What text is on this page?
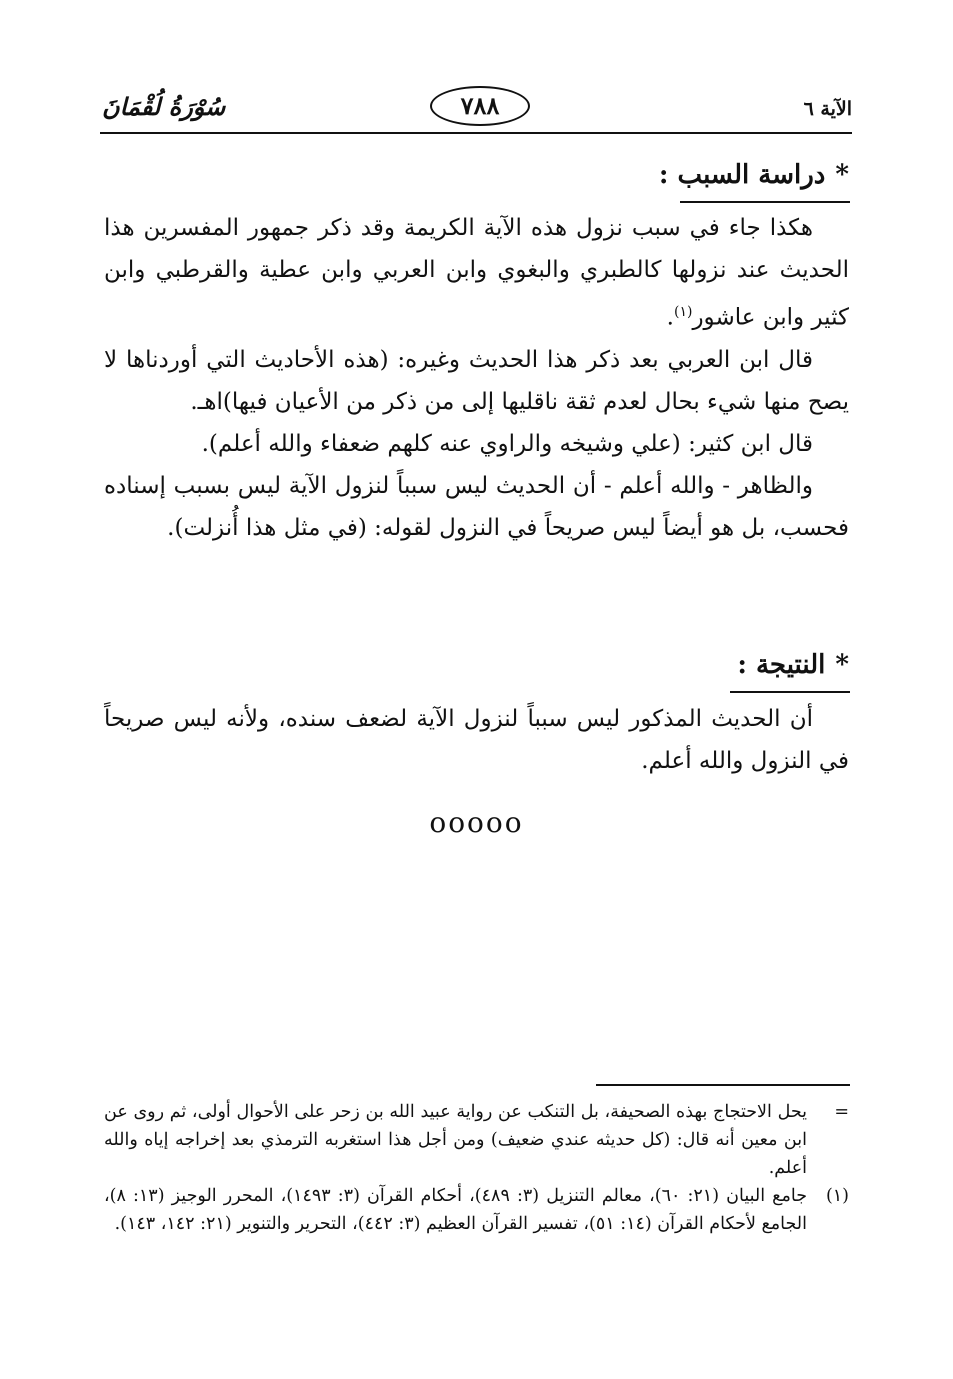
الآية ٦
٧٨٨
سُوْرَةُ لُقْمَانَ
*
دراسة السبب :

هكذا جاء في سبب نزول هذه الآية الكريمة وقد ذكر جمهور المفسرين هذا الحديث عند نزولها كالطبري والبغوي وابن العربي وابن عطية والقرطبي وابن كثير وابن عاشور$^{(١)}$.

قال ابن العربي بعد ذكر هذا الحديث وغيره: (هذه الأحاديث التي أوردناها لا يصح منها شيء بحال لعدم ثقة ناقليها إلى من ذكر من الأعيان فيها)اهـ.

قال ابن كثير: (علي وشيخه والراوي عنه كلهم ضعفاء والله أعلم).

والظاهر - والله أعلم - أن الحديث ليس سبباً لنزول الآية ليس بسبب إسناده فحسب، بل هو أيضاً ليس صريحاً في النزول لقوله: (في مثل هذا أُنزلت).

*
النتيجة :

أن الحديث المذكور ليس سبباً لنزول الآية لضعف سنده، ولأنه ليس صريحاً في النزول والله أعلم.

ooooo
=
يحل الاحتجاج بهذه الصحيفة، بل التنكب عن رواية عبيد الله بن زحر على الأحوال أولى، ثم روى عن ابن معين أنه قال: (كل حديثه عندي ضعيف) ومن أجل هذا استغربه الترمذي بعد إخراجه إياه والله أعلم.
(١)
جامع البيان (٢١: ٦٠)، معالم التنزيل (٣: ٤٨٩)، أحكام القرآن (٣: ١٤٩٣)، المحرر الوجيز (١٣: ٨)، الجامع لأحكام القرآن (١٤: ٥١)، تفسير القرآن العظيم (٣: ٤٤٢)، التحرير والتنوير (٢١: ١٤٢، ١٤٣).
